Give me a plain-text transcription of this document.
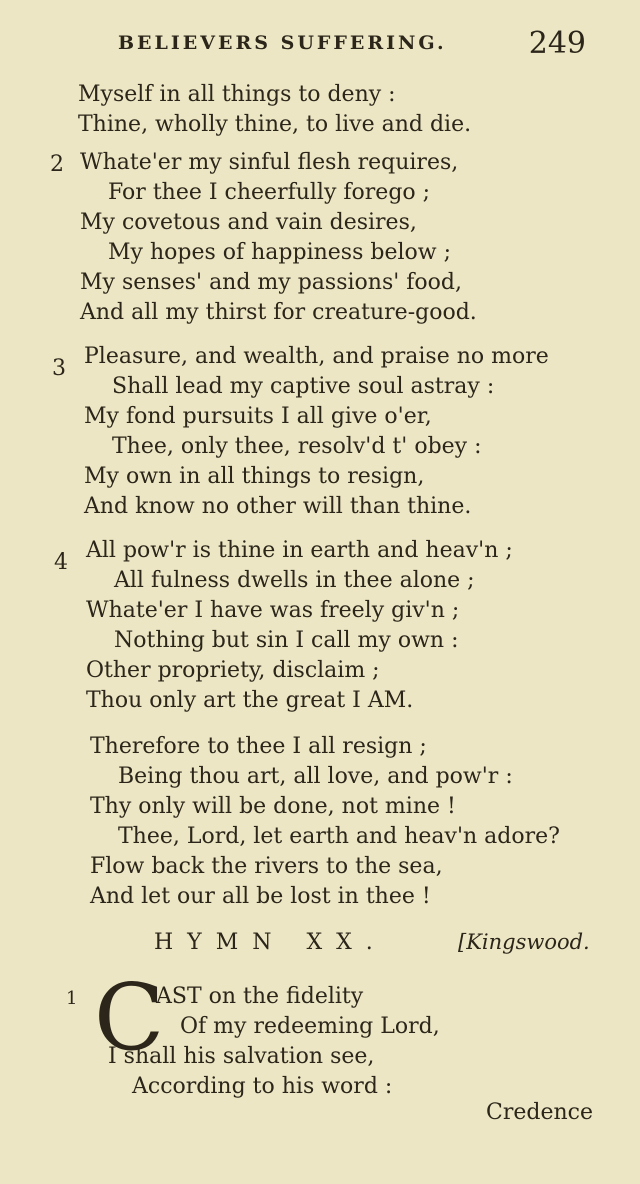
BELIEVERS SUFFERING.	249
Myself in all things to deny :
Thine, wholly thine, to live and die.
2 Whate'er my sinful flesh requires,
For thee I cheerfully forego ;
My covetous and vain desires,
My hopes of happiness below ;
My senses' and my passions' food,
And all my thirst for creature-good.
3 Pleasure, and wealth, and praise no more
Shall lead my captive soul astray :
My fond pursuits I all give o'er,
Thee, only thee, resolv'd t' obey :
My own in all things to resign,
And know no other will than thine.
4 All pow'r is thine in earth and heav'n ;
All fulness dwells in thee alone ;
Whate'er I have was freely giv'n ;
Nothing but sin I call my own :
Other propriety, disclaim ;
Thou only art the great I AM.
Therefore to thee I all resign ;
Being thou art, all love, and pow'r :
Thy only will be done, not mine !
Thee, Lord, let earth and heav'n adore?
Flow back the rivers to the sea,
And let our all be lost in thee !
HYMN XX.	[Kingswood.
1 C
AST on the fidelity
Of my redeeming Lord,
I shall his salvation see,
According to his word :
Credence
